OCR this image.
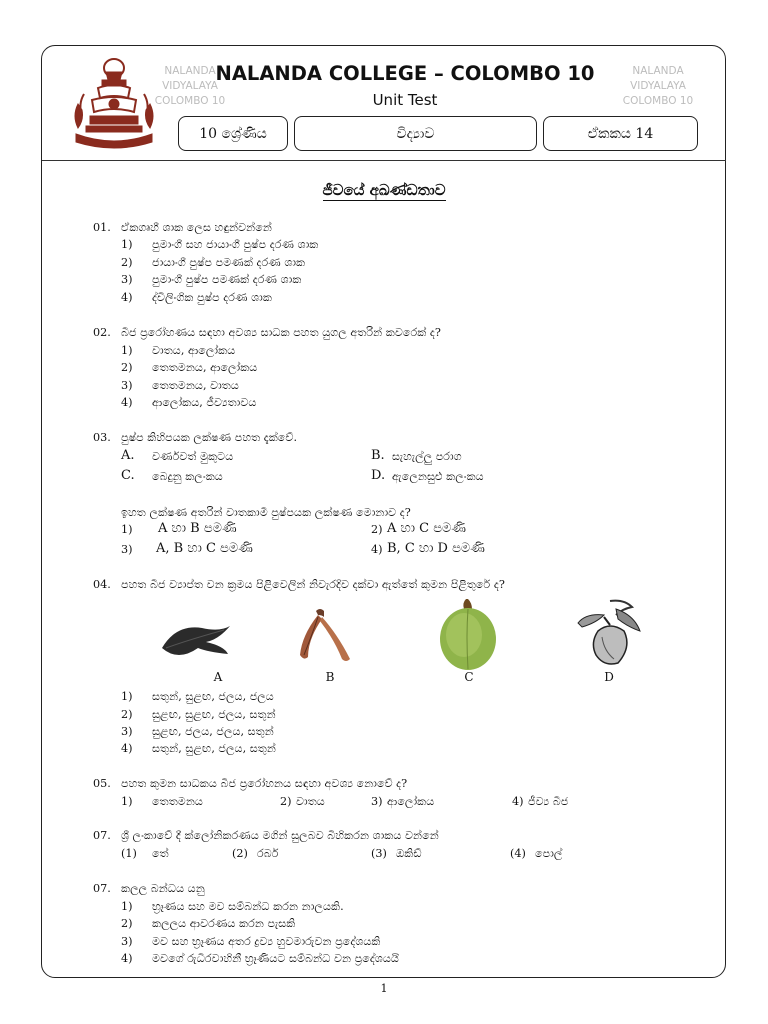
NALANDA
VIDYALAYA
COLOMBO 10
NALANDA
VIDYALAYA
COLOMBO 10
NALANDA COLLEGE – COLOMBO 10
Unit Test
10 ශ්‍රේණිය	විද්‍යාව	ඒකකය 14
ජීවයේ අඛණ්ඩතාව
01. ඒකගෘහී ශාක ලෙස හඳුන්වන්නේ
1) පුමාංගී සහ ජායාංගී පුෂ්ප දරණ ශාක
2) ජායාංගී පුෂ්ප පමණක් දරණ ශාක
3) පුමාංගී පුෂ්ප පමණක් දරණ ශාක
4) ද්විලිංගික පුෂ්ප දරණ ශාක
02. බීජ ප්‍රරෝහණය සඳහා අවශ්‍ය සාධක පහත යුගල අතරින් කවරෙක් ද?
1) වාතය, ආලෝකය
2) තෙතමනය, ආලෝකය
3) තෙතමනය, වාතය
4) ආලෝකය, ජීව්‍යතාවය
03. පුෂ්ප කිහිපයක ලක්ෂණ පහත දැක්වේ.
A. වර්ණවත් මුකුටය	B. සැහැල්ලු පරාග
C. බෙදුනු කලංකය	D. ඇලෙනසුළු කලංකය
ඉහත ලක්ෂණ අතරින් වාතකාමී පුෂ්පයක ලක්ෂණ මොනාව ද?
1) A හා B පමණි	2) A හා C පමණි
3) A, B හා C පමණි	4) B, C හා D පමණි
04. පහත බීජ ව්‍යාප්ත වන ක්‍රමය පිළිවෙලින් නිවැරදිව දක්වා ඇත්තේ කුමන පිළිතුරේ ද?
A	B	C	D
1) සතුන්, සුළඟ, ජලය, ජලය
2) සුළඟ, සුළඟ, ජලය, සතුන්
3) සුළඟ, ජලය, ජලය, සතුන්
4) සතුන්, සුළඟ, ජලය, සතුන්
05. පහත කුමන සාධකය බීජ ප්‍රරෝහනය සඳහා අවශ්‍ය නොවේ ද?
1) තෙතමනය	2) වාතය	3) ආලෝකය	4) ජීව්‍ය බීජ
07. ශ්‍රී ලංකාවේ දී ක්ලෝනිකරණය මගින් සුලබව බිහිකරන ශාකය වන්නේ
(1) තේ	(2) රබර්	(3) ඔකිඩ්	(4) පොල්
07. කලල බන්ධය යනු
1) භ්‍රෑණය සහ මව සම්බන්ධ කරන නාලයකි.
2) කලලය ආවරණය කරන පැසකි
3) මව සහ භ්‍රෑණය අතර ද්‍රව්‍ය හුවමාරුවන ප්‍රදේශයකි
4) මවගේ රුධිරවාහිනී භ්‍රෑණියට සම්බන්ධ වන ප්‍රදේශයයි
1
